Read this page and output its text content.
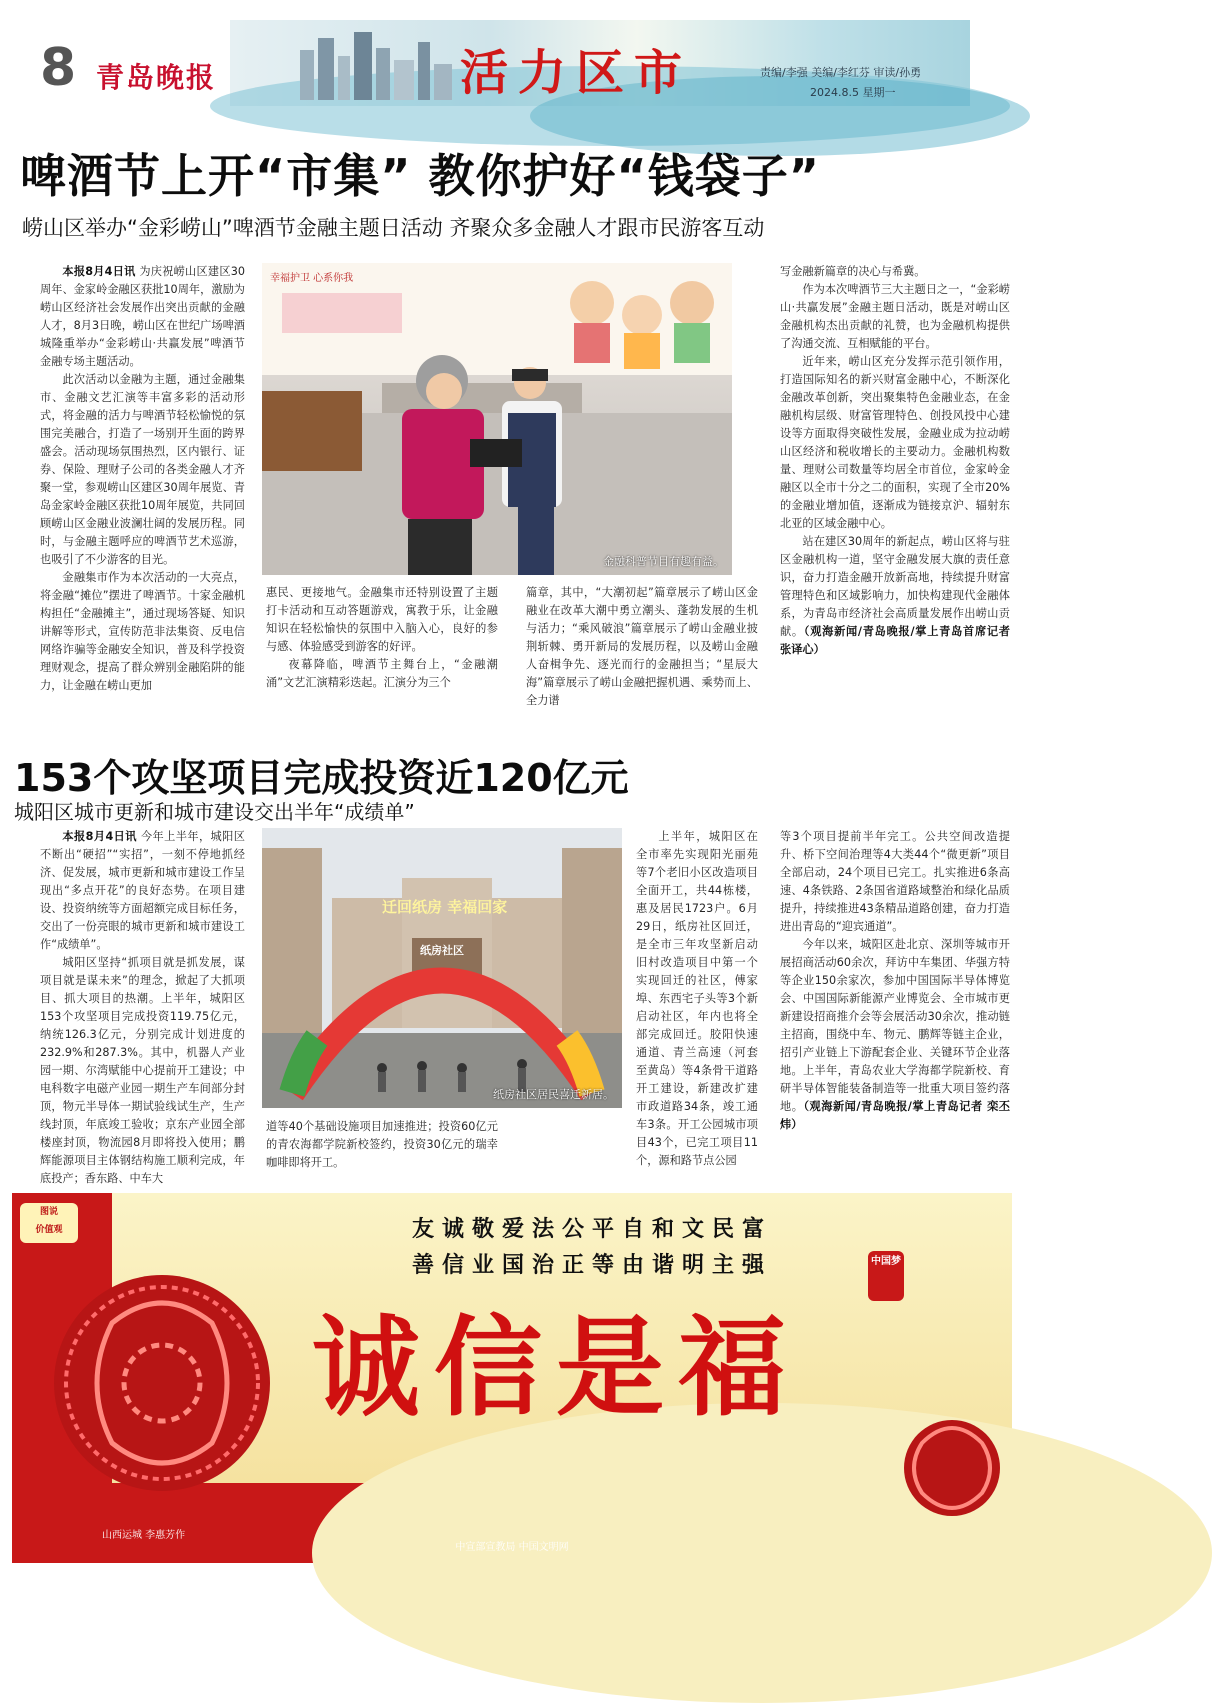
8 青岛晚报	活力区市	责编/李强 美编/李红芬 审读/孙勇
2024.8.5 星期一
啤酒节上开“市集” 教你护好“钱袋子”
崂山区举办“金彩崂山”啤酒节金融主题日活动 齐聚众多金融人才跟市民游客互动

本报8月4日讯 为庆祝崂山区建区30周年、金家岭金融区获批10周年，激励为崂山区经济社会发展作出突出贡献的金融人才，8月3日晚，崂山区在世纪广场啤酒城隆重举办“金彩崂山·共赢发展”啤酒节金融专场主题活动。

此次活动以金融为主题，通过金融集市、金融文艺汇演等丰富多彩的活动形式，将金融的活力与啤酒节轻松愉悦的氛围完美融合，打造了一场别开生面的跨界盛会。活动现场氛围热烈，区内银行、证券、保险、理财子公司的各类金融人才齐聚一堂，参观崂山区建区30周年展览、青岛金家岭金融区获批10周年展览，共同回顾崂山区金融业波澜壮阔的发展历程。同时，与金融主题呼应的啤酒节艺术巡游，也吸引了不少游客的目光。

金融集市作为本次活动的一大亮点，将金融“摊位”摆进了啤酒节。十家金融机构担任“金融摊主”，通过现场答疑、知识讲解等形式，宣传防范非法集资、反电信网络诈骗等金融安全知识，普及科学投资理财观念，提高了群众辨别金融陷阱的能力，让金融在崂山更加

幸福护卫 心系你我
金融科普节目有趣有益。

惠民、更接地气。金融集市还特别设置了主题打卡活动和互动答题游戏，寓教于乐，让金融知识在轻松愉快的氛围中入脑入心，良好的参与感、体验感受到游客的好评。

夜幕降临，啤酒节主舞台上，“金融潮涌”文艺汇演精彩迭起。汇演分为三个

篇章，其中，“大潮初起”篇章展示了崂山区金融业在改革大潮中勇立潮头、蓬勃发展的生机与活力；“乘风破浪”篇章展示了崂山金融业披荆斩棘、勇开新局的发展历程，以及崂山金融人奋楫争先、逐光而行的金融担当；“星辰大海”篇章展示了崂山金融把握机遇、乘势而上、全力谱

写金融新篇章的决心与希冀。

作为本次啤酒节三大主题日之一，“金彩崂山·共赢发展”金融主题日活动，既是对崂山区金融机构杰出贡献的礼赞，也为金融机构提供了沟通交流、互相赋能的平台。

近年来，崂山区充分发挥示范引领作用，打造国际知名的新兴财富金融中心，不断深化金融改革创新，突出聚集特色金融业态，在金融机构层级、财富管理特色、创投风投中心建设等方面取得突破性发展，金融业成为拉动崂山区经济和税收增长的主要动力。金融机构数量、理财公司数量等均居全市首位，金家岭金融区以全市十分之二的面积，实现了全市20%的金融业增加值，逐渐成为链接京沪、辐射东北亚的区域金融中心。

站在建区30周年的新起点，崂山区将与驻区金融机构一道，坚守金融发展大旗的责任意识，奋力打造金融开放新高地，持续提升财富管理特色和区域影响力，加快构建现代金融体系，为青岛市经济社会高质量发展作出崂山贡献。（观海新闻/青岛晚报/掌上青岛首席记者 张译心）

153个攻坚项目完成投资近120亿元
城阳区城市更新和城市建设交出半年“成绩单”

本报8月4日讯 今年上半年，城阳区不断出“硬招”“实招”，一刻不停地抓经济、促发展，城市更新和城市建设工作呈现出“多点开花”的良好态势。在项目建设、投资纳统等方面超额完成目标任务，交出了一份亮眼的城市更新和城市建设工作“成绩单”。

城阳区坚持“抓项目就是抓发展，谋项目就是谋未来”的理念，掀起了大抓项目、抓大项目的热潮。上半年，城阳区153个攻坚项目完成投资119.75亿元，纳统126.3亿元，分别完成计划进度的232.9%和287.3%。其中，机器人产业园一期、尔湾赋能中心提前开工建设；中电科数字电磁产业园一期生产车间部分封顶，物元半导体一期试验线试生产，生产线封顶，年底竣工验收；京东产业园全部楼座封顶，物流园8月即将投入使用；鹏辉能源项目主体钢结构施工顺利完成，年底投产；香东路、中车大

迁回纸房 幸福回家
纸房社区
纸房社区居民喜迁新居。

道等40个基础设施项目加速推进；投资60亿元的青农海都学院新校签约，投资30亿元的瑞幸咖啡即将开工。

上半年，城阳区在全市率先实现阳光丽苑等7个老旧小区改造项目全面开工，共44栋楼，惠及居民1723户。6月29日，纸房社区回迁，是全市三年攻坚新启动旧村改造项目中第一个实现回迁的社区，傅家埠、东西宅子头等3个新启动社区，年内也将全部完成回迁。胶阳快速通道、青兰高速（河套至黄岛）等4条骨干道路开工建设，新建改扩建市政道路34条，竣工通车3条。开工公园城市项目43个，已完工项目11个，源和路节点公园

等3个项目提前半年完工。公共空间改造提升、桥下空间治理等4大类44个“微更新”项目全部启动，24个项目已完工。扎实推进6条高速、4条铁路、2条国省道路域整治和绿化品质提升，持续推进43条精品道路创建，奋力打造进出青岛的“迎宾通道”。

今年以来，城阳区赴北京、深圳等城市开展招商活动60余次，拜访中车集团、华强方特等企业150余家次，参加中国国际半导体博览会、中国国际新能源产业博览会、全市城市更新建设招商推介会等会展活动30余次，推动链主招商，围绕中车、物元、鹏辉等链主企业，招引产业链上下游配套企业、关键环节企业落地。上半年，青岛农业大学海都学院新校、育研半导体智能装备制造等一批重大项目签约落地。（观海新闻/青岛晚报/掌上青岛记者 栾丕炜）

图说
价值观	友诚敬爱法公平自和文民富
善信业国治正等由谐明主强	中国梦
诚信是福
山西运城 李惠芳作
中宣部宣教局 中国文明网
